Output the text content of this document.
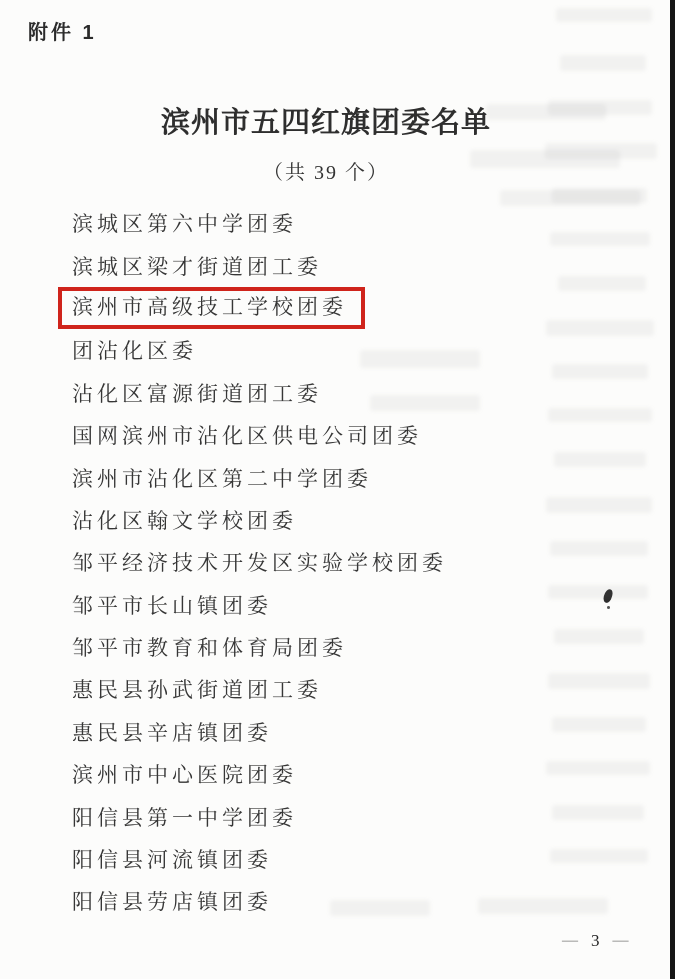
附件 1
滨州市五四红旗团委名单
（共 39 个）
滨城区第六中学团委
滨城区梁才街道团工委
滨州市高级技工学校团委
团沾化区委
沾化区富源街道团工委
国网滨州市沾化区供电公司团委
滨州市沾化区第二中学团委
沾化区翰文学校团委
邹平经济技术开发区实验学校团委
邹平市长山镇团委
邹平市教育和体育局团委
惠民县孙武街道团工委
惠民县辛店镇团委
滨州市中心医院团委
阳信县第一中学团委
阳信县河流镇团委
阳信县劳店镇团委
— 3 —
